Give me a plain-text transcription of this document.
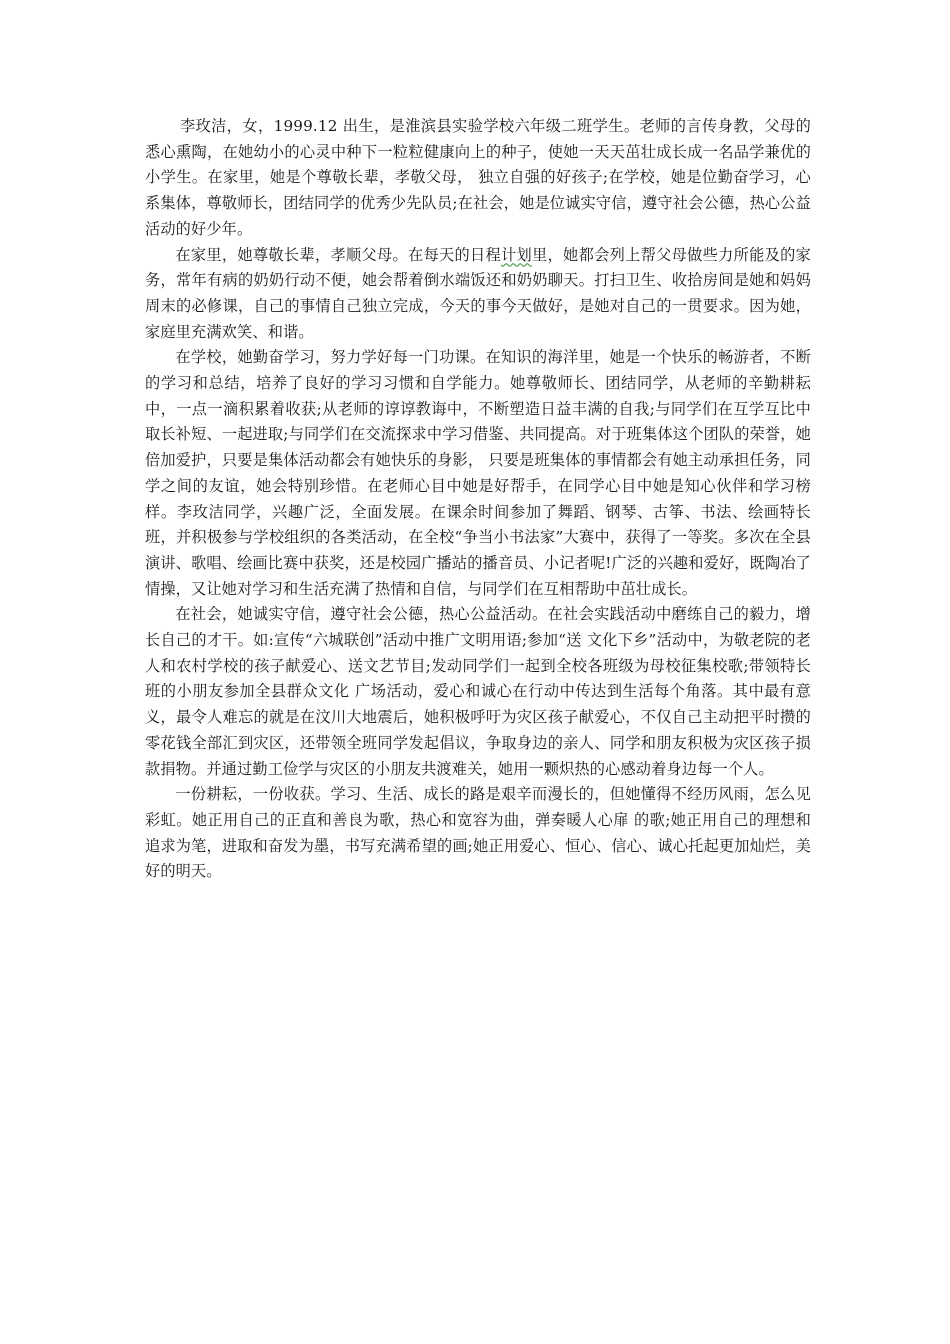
李玫洁，女，1999.12 出生，是淮滨县实验学校六年级二班学生。老师的言传身教，父母的悉心熏陶，在她幼小的心灵中种下一粒粒健康向上的种子，使她一天天茁壮成长成一名品学兼优的小学生。在家里，她是个尊敬长辈，孝敬父母， 独立自强的好孩子;在学校，她是位勤奋学习，心系集体，尊敬师长，团结同学的优秀少先队员;在社会，她是位诚实守信，遵守社会公德，热心公益活动的好少年。

在家里，她尊敬长辈，孝顺父母。在每天的日程计划里，她都会列上帮父母做些力所能及的家务，常年有病的奶奶行动不便，她会帮着倒水端饭还和奶奶聊天。打扫卫生、收拾房间是她和妈妈周末的必修课，自己的事情自己独立完成，今天的事今天做好，是她对自己的一贯要求。因为她，家庭里充满欢笑、和谐。

在学校，她勤奋学习，努力学好每一门功课。在知识的海洋里，她是一个快乐的畅游者，不断的学习和总结，培养了良好的学习习惯和自学能力。她尊敬师长、团结同学，从老师的辛勤耕耘中，一点一滴积累着收获;从老师的谆谆教诲中，不断塑造日益丰满的自我;与同学们在互学互比中取长补短、一起进取;与同学们在交流探求中学习借鉴、共同提高。对于班集体这个团队的荣誉，她倍加爱护，只要是集体活动都会有她快乐的身影， 只要是班集体的事情都会有她主动承担任务，同学之间的友谊，她会特别珍惜。在老师心目中她是好帮手，在同学心目中她是知心伙伴和学习榜样。李玫洁同学，兴趣广泛，全面发展。在课余时间参加了舞蹈、钢琴、古筝、书法、绘画特长班，并积极参与学校组织的各类活动，在全校“争当小书法家”大赛中，获得了一等奖。多次在全县演讲、歌唱、绘画比赛中获奖，还是校园广播站的播音员、小记者呢!广泛的兴趣和爱好，既陶冶了情操，又让她对学习和生活充满了热情和自信，与同学们在互相帮助中茁壮成长。

在社会，她诚实守信，遵守社会公德，热心公益活动。在社会实践活动中磨练自己的毅力，增长自己的才干。如:宣传“六城联创”活动中推广文明用语;参加“送 文化下乡”活动中，为敬老院的老人和农村学校的孩子献爱心、送文艺节目;发动同学们一起到全校各班级为母校征集校歌;带领特长班的小朋友参加全县群众文化 广场活动，爱心和诚心在行动中传达到生活每个角落。其中最有意义，最令人难忘的就是在汶川大地震后，她积极呼吁为灾区孩子献爱心，不仅自己主动把平时攒的 零花钱全部汇到灾区，还带领全班同学发起倡议，争取身边的亲人、同学和朋友积极为灾区孩子损款捐物。并通过勤工俭学与灾区的小朋友共渡难关，她用一颗炽热的心感动着身边每一个人。

一份耕耘，一份收获。学习、生活、成长的路是艰辛而漫长的，但她懂得不经历风雨，怎么见彩虹。她正用自己的正直和善良为歌，热心和宽容为曲，弹奏暖人心扉 的歌;她正用自己的理想和追求为笔，进取和奋发为墨，书写充满希望的画;她正用爱心、恒心、信心、诚心托起更加灿烂，美好的明天。
